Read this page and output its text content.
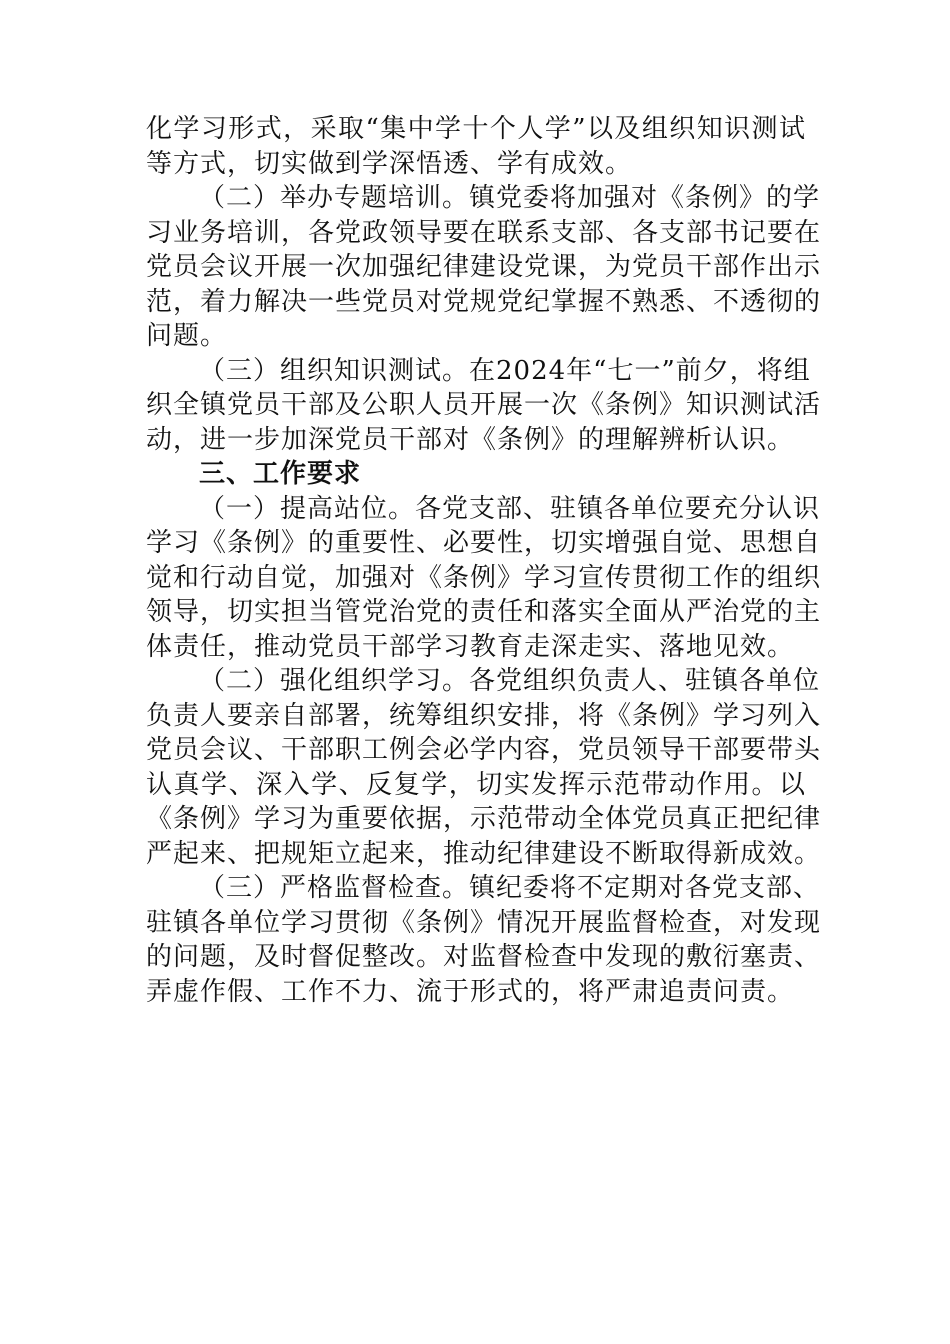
化学习形式，采取“集中学十个人学”以及组织知识测试
等方式，切实做到学深悟透、学有成效。
（二）举办专题培训。镇党委将加强对《条例》的学
习业务培训，各党政领导要在联系支部、各支部书记要在
党员会议开展一次加强纪律建设党课，为党员干部作出示
范，着力解决一些党员对党规党纪掌握不熟悉、不透彻的
问题。
（三）组织知识测试。在2024年“七一”前夕，将组
织全镇党员干部及公职人员开展一次《条例》知识测试活
动，进一步加深党员干部对《条例》的理解辨析认识。
三、工作要求
（一）提高站位。各党支部、驻镇各单位要充分认识
学习《条例》的重要性、必要性，切实增强自觉、思想自
觉和行动自觉，加强对《条例》学习宣传贯彻工作的组织
领导，切实担当管党治党的责任和落实全面从严治党的主
体责任，推动党员干部学习教育走深走实、落地见效。
（二）强化组织学习。各党组织负责人、驻镇各单位
负责人要亲自部署，统筹组织安排，将《条例》学习列入
党员会议、干部职工例会必学内容，党员领导干部要带头
认真学、深入学、反复学，切实发挥示范带动作用。以
《条例》学习为重要依据，示范带动全体党员真正把纪律
严起来、把规矩立起来，推动纪律建设不断取得新成效。
（三）严格监督检查。镇纪委将不定期对各党支部、
驻镇各单位学习贯彻《条例》情况开展监督检查，对发现
的问题，及时督促整改。对监督检查中发现的敷衍塞责、
弄虚作假、工作不力、流于形式的，将严肃追责问责。
